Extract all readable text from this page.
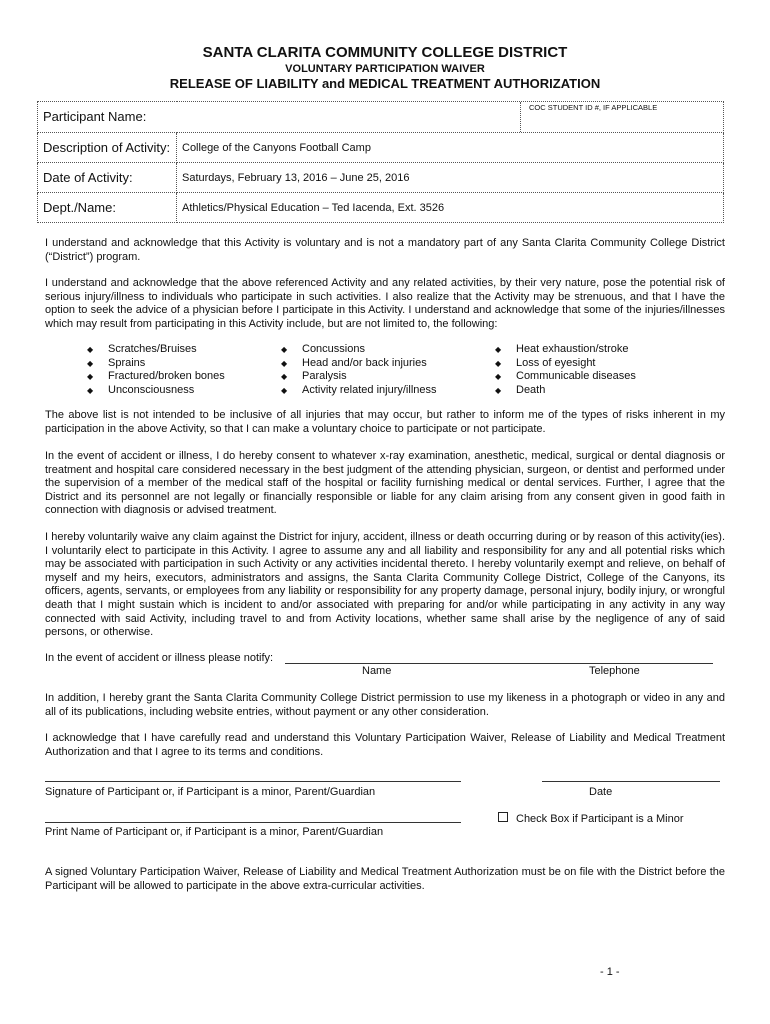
SANTA CLARITA COMMUNITY COLLEGE DISTRICT
VOLUNTARY PARTICIPATION WAIVER
RELEASE OF LIABILITY and MEDICAL TREATMENT AUTHORIZATION
COC STUDENT ID #, IF APPLICABLE
Participant Name:	
Description of Activity:	College of the Canyons Football Camp
Date of Activity:	Saturdays, February 13, 2016 – June 25, 2016
Dept./Name:	Athletics/Physical Education – Ted Iacenda, Ext. 3526

I understand and acknowledge that this Activity is voluntary and is not a mandatory part of any Santa Clarita Community College District (“District”) program.

I understand and acknowledge that the above referenced Activity and any related activities, by their very nature, pose the potential risk of serious injury/illness to individuals who participate in such activities. I also realize that the Activity may be strenuous, and that I have the option to seek the advice of a physician before I participate in this Activity. I understand and acknowledge that some of the injuries/illnesses which may result from participating in this Activity include, but are not limited to, the following:

◆ Scratches/Bruises
◆ Sprains
◆ Fractured/broken bones
◆ Unconsciousness
◆ Concussions
◆ Head and/or back injuries
◆ Paralysis
◆ Activity related injury/illness
◆ Heat exhaustion/stroke
◆ Loss of eyesight
◆ Communicable diseases
◆ Death

The above list is not intended to be inclusive of all injuries that may occur, but rather to inform me of the types of risks inherent in my participation in the above Activity, so that I can make a voluntary choice to participate or not participate.

In the event of accident or illness, I do hereby consent to whatever x-ray examination, anesthetic, medical, surgical or dental diagnosis or treatment and hospital care considered necessary in the best judgment of the attending physician, surgeon, or dentist and performed under the supervision of a member of the medical staff of the hospital or facility furnishing medical or dental services. Further, I agree that the District and its personnel are not legally or financially responsible or liable for any claim arising from any consent given in good faith in connection with diagnosis or advised treatment.

I hereby voluntarily waive any claim against the District for injury, accident, illness or death occurring during or by reason of this activity(ies). I voluntarily elect to participate in this Activity. I agree to assume any and all liability and responsibility for any and all potential risks which may be associated with participation in such Activity or any activities incidental thereto. I hereby voluntarily exempt and relieve, on behalf of myself and my heirs, executors, administrators and assigns, the Santa Clarita Community College District, College of the Canyons, its officers, agents, servants, or employees from any liability or responsibility for any property damage, personal injury, bodily injury, or wrongful death that I might sustain which is incident to and/or associated with preparing for and/or while participating in any activity in any way connected with said Activity, including travel to and from Activity locations, whether same shall arise by the negligence of any of said persons, or otherwise.

In the event of accident or illness please notify:
Name	Telephone

In addition, I hereby grant the Santa Clarita Community College District permission to use my likeness in a photograph or video in any and all of its publications, including website entries, without payment or any other consideration.

I acknowledge that I have carefully read and understand this Voluntary Participation Waiver, Release of Liability and Medical Treatment Authorization and that I agree to its terms and conditions.

Signature of Participant or, if Participant is a minor, Parent/Guardian	Date
Check Box if Participant is a Minor
Print Name of Participant or, if Participant is a minor, Parent/Guardian

A signed Voluntary Participation Waiver, Release of Liability and Medical Treatment Authorization must be on file with the District before the Participant will be allowed to participate in the above extra-curricular activities.

- 1 -
